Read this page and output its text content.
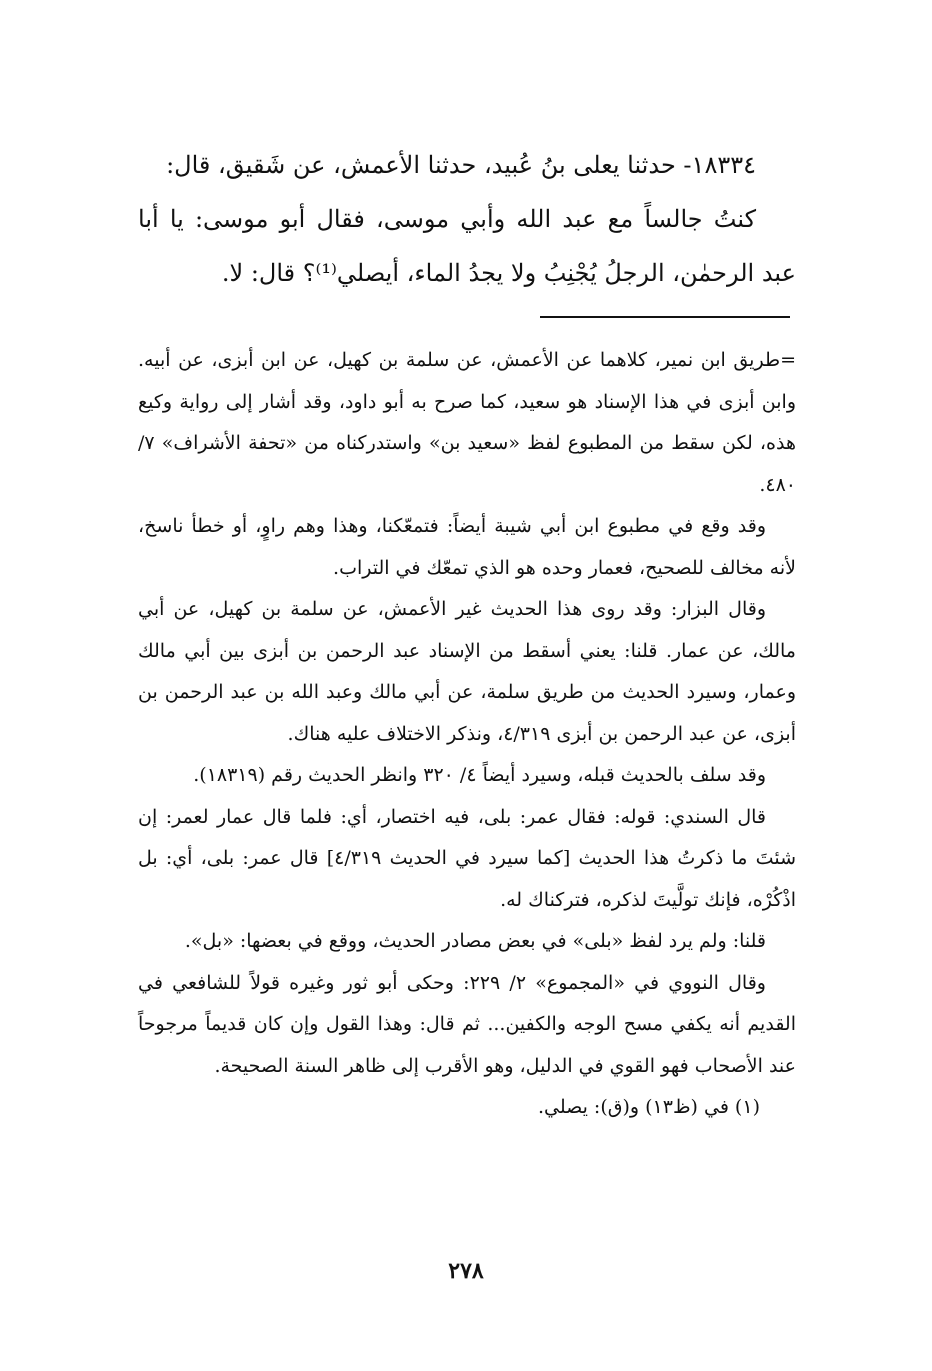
١٨٣٣٤- حدثنا يعلى بنُ عُبيد، حدثنا الأعمش، عن شَقيق، قال:

كنتُ جالساً مع عبد الله وأبي موسى، فقال أبو موسى: يا أبا عبد الرحمٰن، الرجلُ يُجْنِبُ ولا يجدُ الماء، أيصلي⁽¹⁾؟ قال: لا.

=طريق ابن نمير، كلاهما عن الأعمش، عن سلمة بن كهيل، عن ابن أبزى، عن أبيه. وابن أبزى في هذا الإسناد هو سعيد، كما صرح به أبو داود، وقد أشار إلى رواية وكيع هذه، لكن سقط من المطبوع لفظ «سعيد بن» واستدركناه من «تحفة الأشراف» ٧/ ٤٨٠.

وقد وقع في مطبوع ابن أبي شيبة أيضاً: فتمعّكنا، وهذا وهم راوٍ، أو خطأ ناسخ، لأنه مخالف للصحيح، فعمار وحده هو الذي تمعّك في التراب.

وقال البزار: وقد روى هذا الحديث غير الأعمش، عن سلمة بن كهيل، عن أبي مالك، عن عمار. قلنا: يعني أسقط من الإسناد عبد الرحمن بن أبزى بين أبي مالك وعمار، وسيرد الحديث من طريق سلمة، عن أبي مالك وعبد الله بن عبد الرحمن بن أبزى، عن عبد الرحمن بن أبزى ٤/٣١٩، ونذكر الاختلاف عليه هناك.

وقد سلف بالحديث قبله، وسيرد أيضاً ٤/ ٣٢٠ وانظر الحديث رقم (١٨٣١٩).

قال السندي: قوله: فقال عمر: بلى، فيه اختصار، أي: فلما قال عمار لعمر: إن شئتَ ما ذكرتُ هذا الحديث [كما سيرد في الحديث ٤/٣١٩] قال عمر: بلى، أي: بل اذْكُرْه، فإنك تولَّيتَ لذكره، فتركناك له.

قلنا: ولم يرد لفظ «بلى» في بعض مصادر الحديث، ووقع في بعضها: «بل».

وقال النووي في «المجموع» ٢/ ٢٢٩: وحكى أبو ثور وغيره قولاً للشافعي في القديم أنه يكفي مسح الوجه والكفين... ثم قال: وهذا القول وإن كان قديماً مرجوحاً عند الأصحاب فهو القوي في الدليل، وهو الأقرب إلى ظاهر السنة الصحيحة.

(١) في (ظ١٣) و(ق): يصلي.

٢٧٨
